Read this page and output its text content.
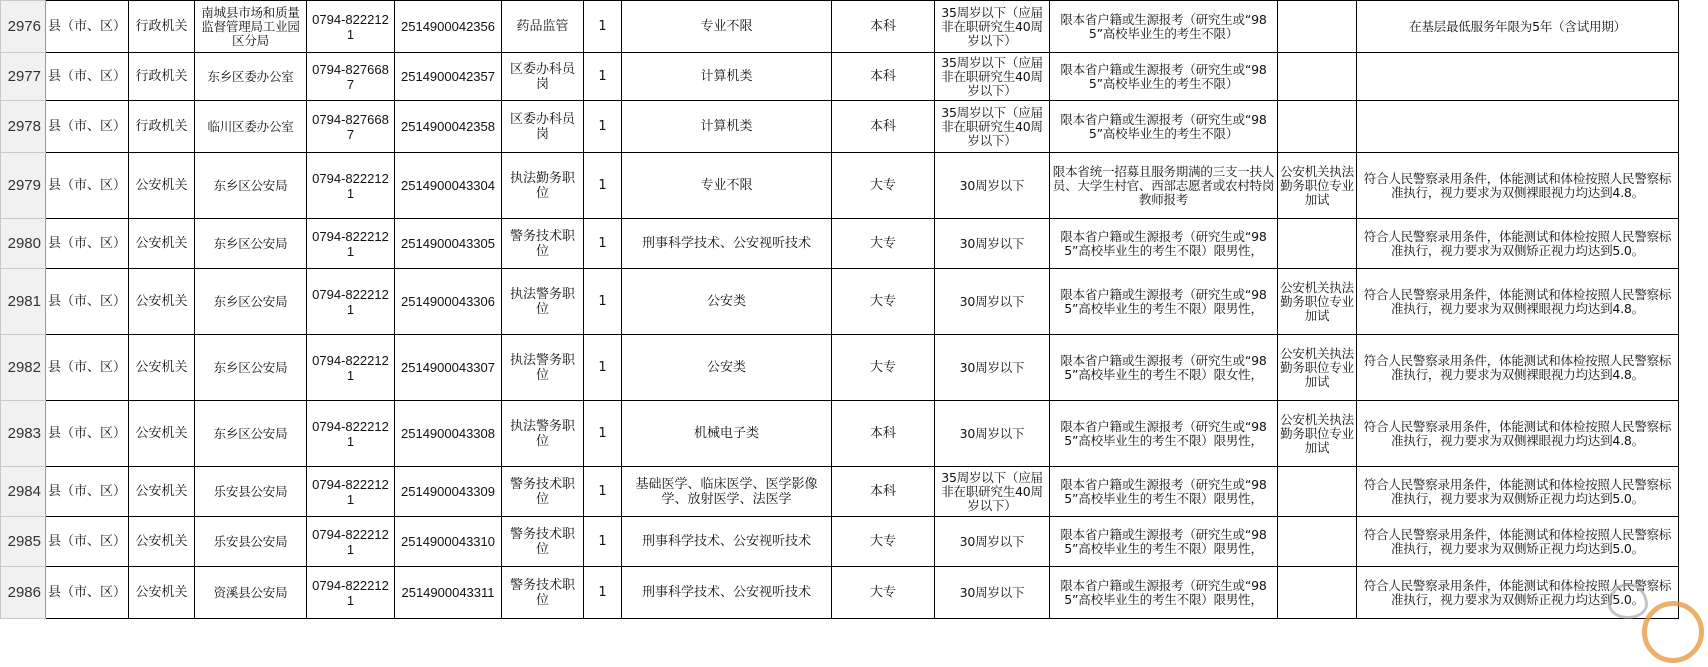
2976	县（市、区）	行政机关	南城县市场和质量监督管理局工业园区分局	0794-8222121	2514900042356	药品监管	1	专业不限	本科	35周岁以下（应届非在职研究生40周岁以下）	限本省户籍或生源报考（研究生或“985”高校毕业生的考生不限）		在基层最低服务年限为5年（含试用期）
2977	县（市、区）	行政机关	东乡区委办公室	0794-8276687	2514900042357	区委办科员岗	1	计算机类	本科	35周岁以下（应届非在职研究生40周岁以下）	限本省户籍或生源报考（研究生或“985”高校毕业生的考生不限）		
2978	县（市、区）	行政机关	临川区委办公室	0794-8276687	2514900042358	区委办科员岗	1	计算机类	本科	35周岁以下（应届非在职研究生40周岁以下）	限本省户籍或生源报考（研究生或“985”高校毕业生的考生不限）		
2979	县（市、区）	公安机关	东乡区公安局	0794-8222121	2514900043304	执法勤务职位	1	专业不限	大专	30周岁以下	限本省统一招募且服务期满的三支一扶人员、大学生村官、西部志愿者或农村特岗教师报考	公安机关执法勤务职位专业加试	符合人民警察录用条件，体能测试和体检按照人民警察标准执行，视力要求为双侧裸眼视力均达到4.8。
2980	县（市、区）	公安机关	东乡区公安局	0794-8222121	2514900043305	警务技术职位	1	刑事科学技术、公安视听技术	大专	30周岁以下	限本省户籍或生源报考（研究生或“985”高校毕业生的考生不限）限男性，		符合人民警察录用条件，体能测试和体检按照人民警察标准执行，视力要求为双侧矫正视力均达到5.0。
2981	县（市、区）	公安机关	东乡区公安局	0794-8222121	2514900043306	执法警务职位	1	公安类	大专	30周岁以下	限本省户籍或生源报考（研究生或“985”高校毕业生的考生不限）限男性，	公安机关执法勤务职位专业加试	符合人民警察录用条件，体能测试和体检按照人民警察标准执行，视力要求为双侧裸眼视力均达到4.8。
2982	县（市、区）	公安机关	东乡区公安局	0794-8222121	2514900043307	执法警务职位	1	公安类	大专	30周岁以下	限本省户籍或生源报考（研究生或“985”高校毕业生的考生不限）限女性，	公安机关执法勤务职位专业加试	符合人民警察录用条件，体能测试和体检按照人民警察标准执行，视力要求为双侧裸眼视力均达到4.8。
2983	县（市、区）	公安机关	东乡区公安局	0794-8222121	2514900043308	执法警务职位	1	机械电子类	本科	30周岁以下	限本省户籍或生源报考（研究生或“985”高校毕业生的考生不限）限男性，	公安机关执法勤务职位专业加试	符合人民警察录用条件，体能测试和体检按照人民警察标准执行，视力要求为双侧裸眼视力均达到4.8。
2984	县（市、区）	公安机关	乐安县公安局	0794-8222121	2514900043309	警务技术职位	1	基础医学、临床医学、医学影像学、放射医学、法医学	本科	35周岁以下（应届非在职研究生40周岁以下）	限本省户籍或生源报考（研究生或“985”高校毕业生的考生不限）限男性，		符合人民警察录用条件，体能测试和体检按照人民警察标准执行，视力要求为双侧矫正视力均达到5.0。
2985	县（市、区）	公安机关	乐安县公安局	0794-8222121	2514900043310	警务技术职位	1	刑事科学技术、公安视听技术	大专	30周岁以下	限本省户籍或生源报考（研究生或“985”高校毕业生的考生不限）限男性，		符合人民警察录用条件，体能测试和体检按照人民警察标准执行，视力要求为双侧矫正视力均达到5.0。
2986	县（市、区）	公安机关	资溪县公安局	0794-8222121	2514900043311	警务技术职位	1	刑事科学技术、公安视听技术	大专	30周岁以下	限本省户籍或生源报考（研究生或“985”高校毕业生的考生不限）限男性，		符合人民警察录用条件，体能测试和体检按照人民警察标准执行，视力要求为双侧矫正视力均达到5.0。
